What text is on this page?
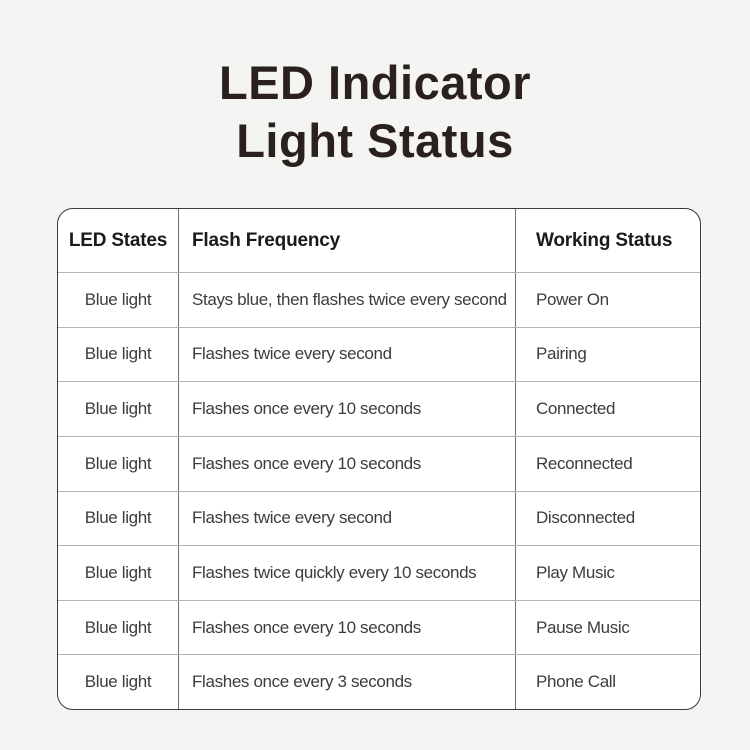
LED Indicator
Light Status
LED States	Flash Frequency	Working Status
Blue light	Stays blue, then flashes twice every second	Power On
Blue light	Flashes twice every second	Pairing
Blue light	Flashes once every 10 seconds	Connected
Blue light	Flashes once every 10 seconds	Reconnected
Blue light	Flashes twice every second	Disconnected
Blue light	Flashes twice quickly every 10 seconds	Play Music
Blue light	Flashes once every 10 seconds	Pause Music
Blue light	Flashes once every 3 seconds	Phone Call
